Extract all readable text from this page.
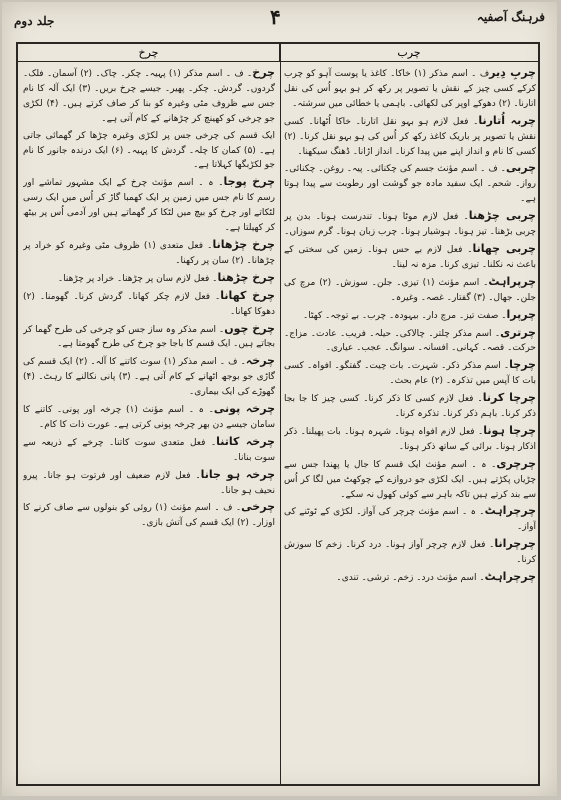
جلد دوم	۴	فرہنگ آصفیہ
چرخ	چرب

چربِ دِیرف ۔ اسم مذکر (۱) خاکا۔ کاغذ یا پوست آہو کو چرب کرکے کسی چیز کے نقش یا تصویر پر رکھ کر ہو بہو اُس کی نقل اتارنا۔ (۲) دھوکے اوپر کی لکھائی۔ باہمی یا خطائی میں سرشتہ۔

چربہ اُتارنا۔ فعل لازم ہو بہو نقل اتارنا۔ خاکا اُٹھانا۔ کسی نقش یا تصویر پر باریک کاغذ رکھ کر اُس کی ہو بہو نقل کرنا۔ (۲) کسی کا نام و انداز اپنے میں پیدا کرنا۔ انداز اڑانا۔ ڈھنگ سیکھنا۔

چربی۔ ف ۔ اسم مؤنث جسم کی چکنائی۔ پیہ۔ روغن۔ چکنائی۔ رواز۔ شحم۔ ایک سفید مادہ جو گوشت اور رطوبت سے پیدا ہوتا ہے۔

چربی چڑھنا۔ فعل لازم موٹا ہونا۔ تندرست ہونا۔ بدن پر چربی بڑھنا۔ تیز ہونا۔ ہوشیار ہونا۔ چرب زبان ہونا۔ گرم سوزاں۔

چربی چھانا۔ فعل لازم بے حس ہونا۔ زمین کی سختی کے باعث نہ نکلنا۔ تیزی کرنا۔ مزہ نہ لینا۔

چرپراہٹ۔ اسم مؤنث (۱) تیزی۔ جلن۔ سوزش۔ (۲) مرچ کی جلن۔ جھال۔ (۳) گفتار۔ غصہ۔ وغیرہ۔

چرپرا۔ صفت تیز۔ مرچ دار۔ بیہودہ۔ چرب۔ بے توجہ۔ کھٹا۔

چرتری۔ اسم مذکر چلتر۔ چالاکی۔ حیلہ۔ فریب۔ عادت۔ مزاج۔ حرکت۔ قصہ۔ کہانی۔ افسانہ۔ سوانگ۔ عجب۔ عیاری۔

چرچا۔ اسم مذکر ذکر۔ شہرت۔ بات چیت۔ گفتگو۔ افواہ۔ کسی بات کا آپس میں تذکرہ۔ (۲) عام بحث۔

چرچا کرنا۔ فعل لازم کسی کا ذکر کرنا۔ کسی چیز کا جا بجا ذکر کرنا۔ باہم ذکر کرنا۔ تذکرہ کرنا۔

چرچا ہونا۔ فعل لازم افواہ ہونا۔ شہرہ ہونا۔ بات پھیلنا۔ ذکر اذکار ہونا۔ برائی کے ساتھ ذکر ہونا۔

چرچری۔ ہ ۔ اسم مؤنث ایک قسم کا جال یا پھندا جس سے چڑیاں پکڑتے ہیں۔ ایک لکڑی جو دروازے کے چوکھٹ میں لگا کر اُس سے بند کرتے ہیں تاکہ باہر سے کوئی کھول نہ سکے۔

چرچراہٹ۔ ہ ۔ اسم مؤنث چرچر کی آواز۔ لکڑی کے ٹوٹنے کی آواز۔

چرچرانا۔ فعل لازم چرچر آواز ہونا۔ درد کرنا۔ زخم کا سوزش کرنا۔

چرچراہٹ۔ اسم مؤنث درد۔ زخم۔ ترشی۔ تندی۔

چرخ۔ ف ۔ اسم مذکر (۱) پہیہ۔ چکر۔ چاک۔ (۲) آسمان۔ فلک۔ گردوں۔ گردش۔ چکر۔ پھیر۔ جیسے چرخ بریں۔ (۳) ایک آلہ کا نام جس سے ظروف مٹی وغیرہ کو بنا کر صاف کرتے ہیں۔ (۴) لکڑی جو چرخی کو کھینچ کر چڑھانے کے کام آتی ہے۔

ایک قسم کی چرخی جس پر لکڑی وغیرہ چڑھا کر گھمائی جاتی ہے۔ (۵) کمان کا چلہ۔ گردش کا پہیہ۔ (۶) ایک درندہ جانور کا نام جو لکڑبگھا کہلاتا ہے۔

چرخ پوجا۔ ہ ۔ اسم مؤنث چرخ کے ایک مشہور تماشے اور رسم کا نام جس میں زمین پر ایک کھمبا گاڑ کر اُس میں ایک رسی لٹکاتے اور چرخ کو بیچ میں لٹکا کر گھماتے ہیں اور آدمی اُس پر بیٹھ کر کھیلتا ہے۔

چرخ چڑھانا۔ فعل متعدی (۱) ظروف مٹی وغیرہ کو خراد پر چڑھانا۔ (۲) سان پر رکھنا۔

چرخ چڑھنا۔ فعل لازم سان پر چڑھنا۔ خراد پر چڑھنا۔

چرخ کھانا۔ فعل لازم چکر کھانا۔ گردش کرنا۔ گھومنا۔ (۲) دھوکا کھانا۔

چرخ چوں۔ اسم مذکر وہ ساز جس کو چرخی کی طرح گھما کر بجاتے ہیں۔ ایک قسم کا باجا جو چرخ کی طرح گھومتا ہے۔

چرخہ۔ ف ۔ اسم مذکر (۱) سوت کاتنے کا آلہ۔ (۲) ایک قسم کی گاڑی جو بوجھ اٹھانے کے کام آتی ہے۔ (۳) پانی نکالنے کا رہٹ۔ (۴) گھوڑے کی ایک بیماری۔

چرخہ پونی۔ ہ ۔ اسم مؤنث (۱) چرخہ اور پونی۔ کاتنے کا سامان جیسے دن بھر چرخہ پونی کرتی ہے۔ عورت ذات کا کام۔

چرخہ کاتنا۔ فعل متعدی سوت کاتنا۔ چرخے کے ذریعہ سے سوت بنانا۔

چرخہ ہو جانا۔ فعل لازم ضعیف اور فرتوت ہو جانا۔ پیرو نحیف ہو جانا۔

چرخی۔ ف ۔ اسم مؤنث (۱) روئی کو بنولوں سے صاف کرنے کا اوزار۔ (۲) ایک قسم کی آتش بازی۔
